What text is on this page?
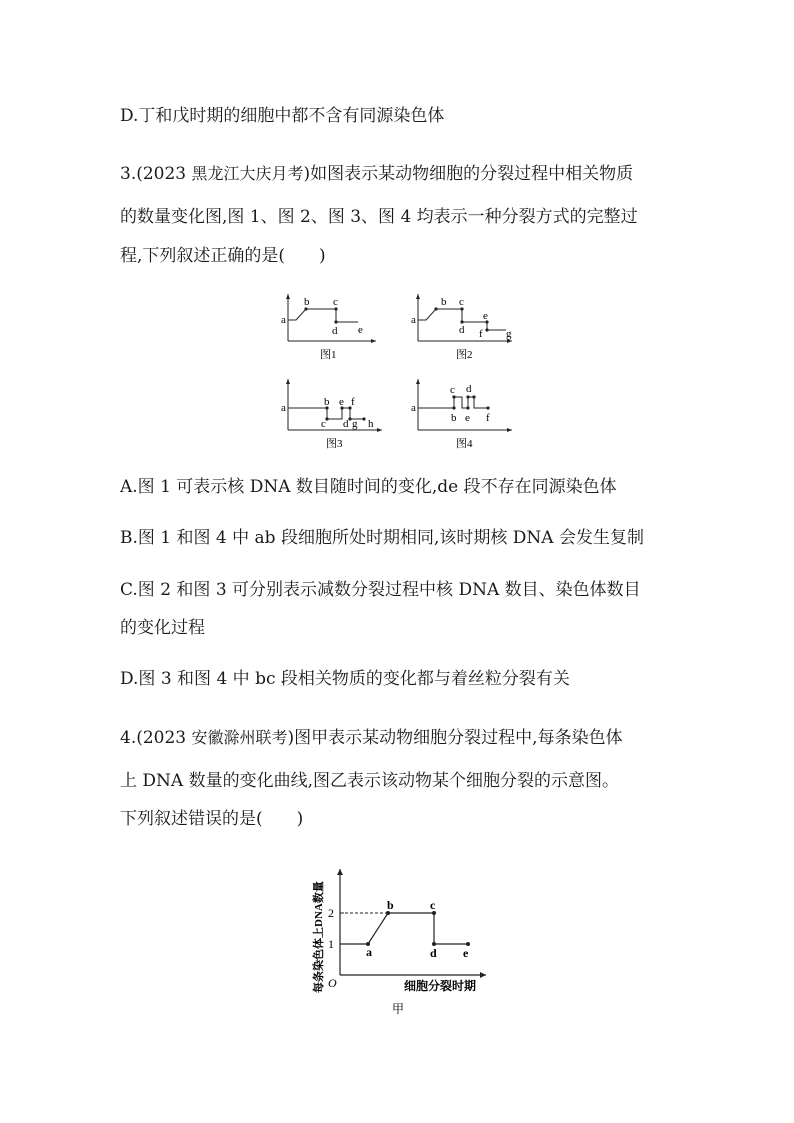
D.丁和戊时期的细胞中都不含有同源染色体

3.(2023 黑龙江大庆月考)如图表示某动物细胞的分裂过程中相关物质

的数量变化图,图 1、图 2、图 3、图 4 均表示一种分裂方式的完整过

程,下列叙述正确的是(　　)

a
b c
d e
图1
a
b c
d
e
f g
图2
a	b
c
e f
d g h
图3
a
c d
b e f
图4

A.图 1 可表示核 DNA 数目随时间的变化,de 段不存在同源染色体

B.图 1 和图 4 中 ab 段细胞所处时期相同,该时期核 DNA 会发生复制

C.图 2 和图 3 可分别表示减数分裂过程中核 DNA 数目、染色体数目

的变化过程

D.图 3 和图 4 中 bc 段相关物质的变化都与着丝粒分裂有关

4.(2023 安徽滁州联考)图甲表示某动物细胞分裂过程中,每条染色体

上 DNA 数量的变化曲线,图乙表示该动物某个细胞分裂的示意图。

下列叙述错误的是(　　)

2
1
O
a
b	c
d e
细胞分裂时期
每条染色体上DNA数量
甲
